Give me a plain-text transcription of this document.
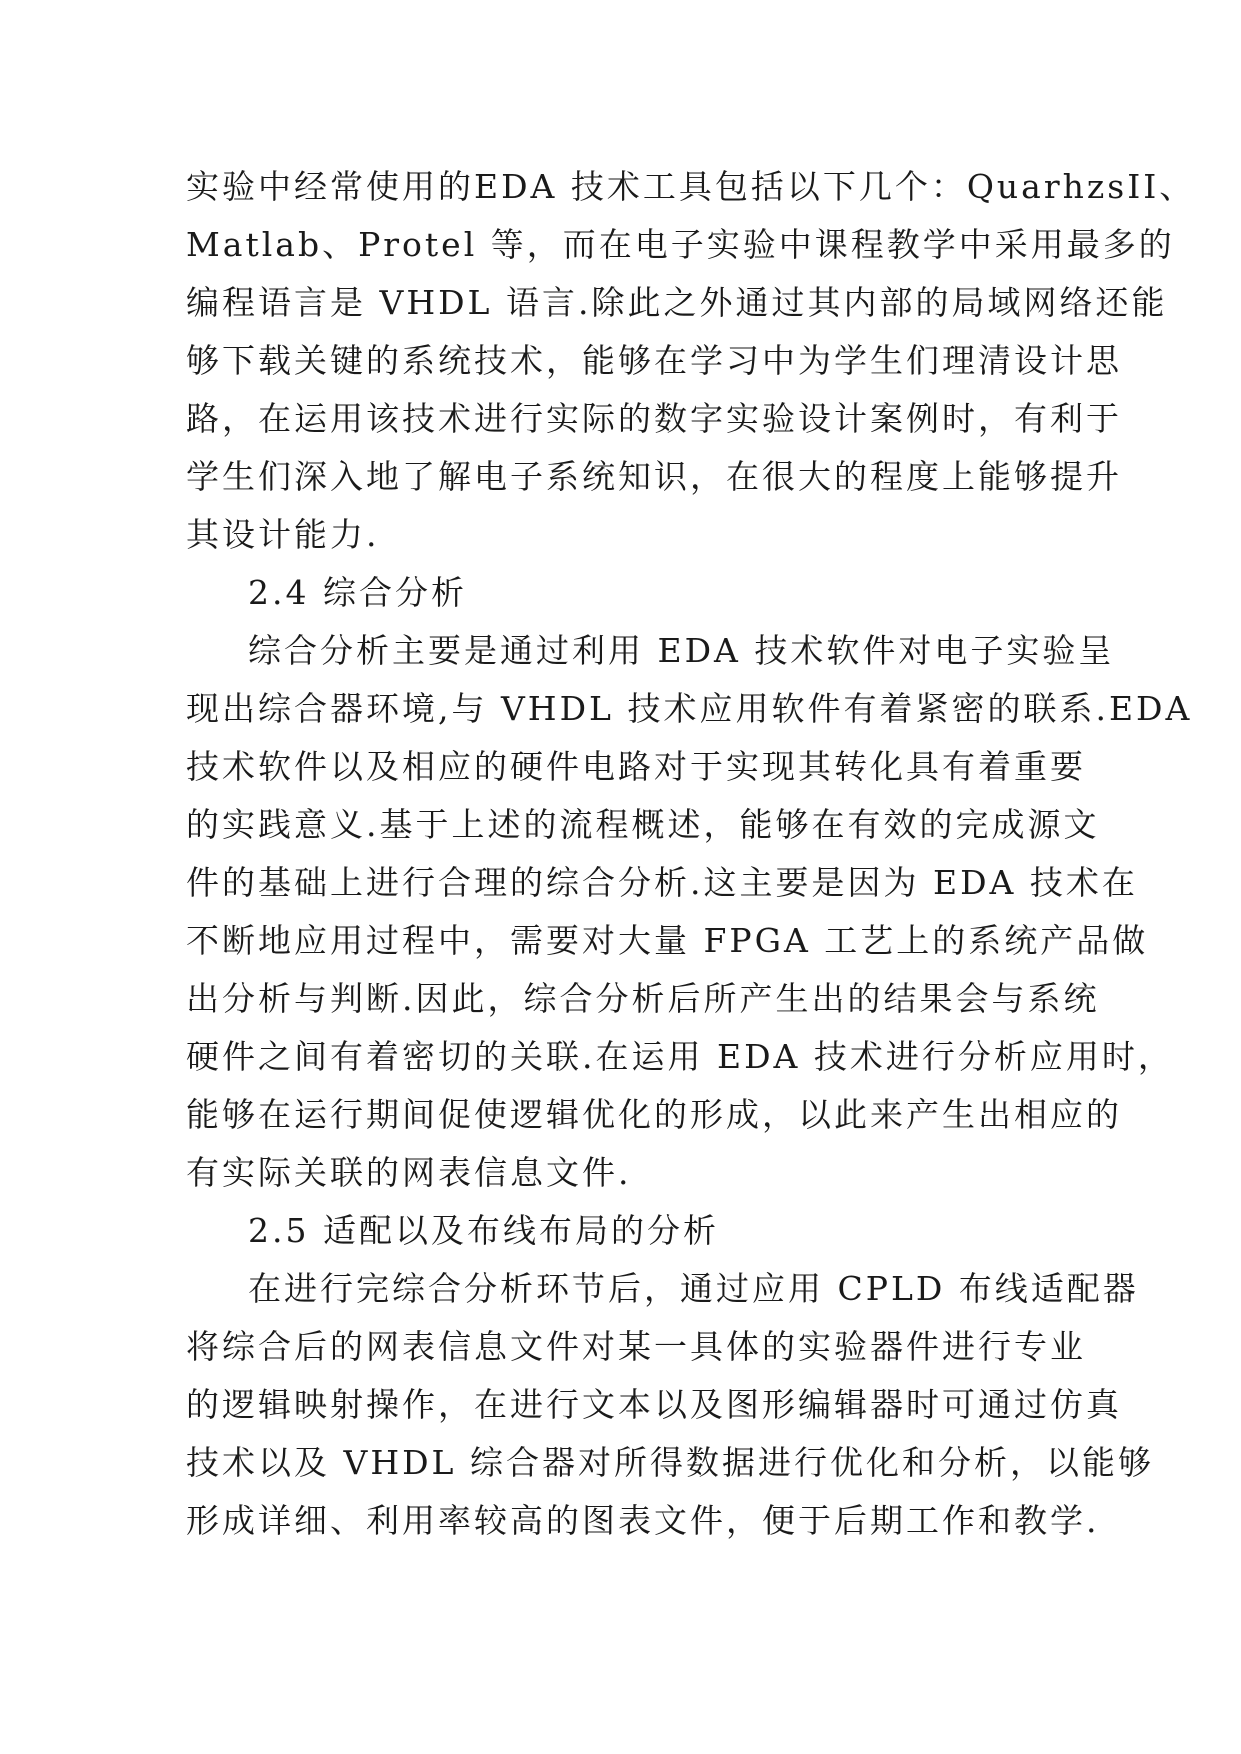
实验中经常使用的EDA 技术工具包括以下几个：QuarhzsII、
Matlab、Protel 等，而在电子实验中课程教学中采用最多的
编程语言是 VHDL 语言.除此之外通过其内部的局域网络还能
够下载关键的系统技术，能够在学习中为学生们理清设计思
路，在运用该技术进行实际的数字实验设计案例时，有利于
学生们深入地了解电子系统知识，在很大的程度上能够提升
其设计能力.
2.4 综合分析
综合分析主要是通过利用 EDA 技术软件对电子实验呈
现出综合器环境,与 VHDL 技术应用软件有着紧密的联系.EDA
技术软件以及相应的硬件电路对于实现其转化具有着重要
的实践意义.基于上述的流程概述，能够在有效的完成源文
件的基础上进行合理的综合分析.这主要是因为 EDA 技术在
不断地应用过程中，需要对大量 FPGA 工艺上的系统产品做
出分析与判断.因此，综合分析后所产生出的结果会与系统
硬件之间有着密切的关联.在运用 EDA 技术进行分析应用时，
能够在运行期间促使逻辑优化的形成，以此来产生出相应的
有实际关联的网表信息文件.
2.5 适配以及布线布局的分析
在进行完综合分析环节后，通过应用 CPLD 布线适配器
将综合后的网表信息文件对某一具体的实验器件进行专业
的逻辑映射操作，在进行文本以及图形编辑器时可通过仿真
技术以及 VHDL 综合器对所得数据进行优化和分析，以能够
形成详细、利用率较高的图表文件，便于后期工作和教学.
